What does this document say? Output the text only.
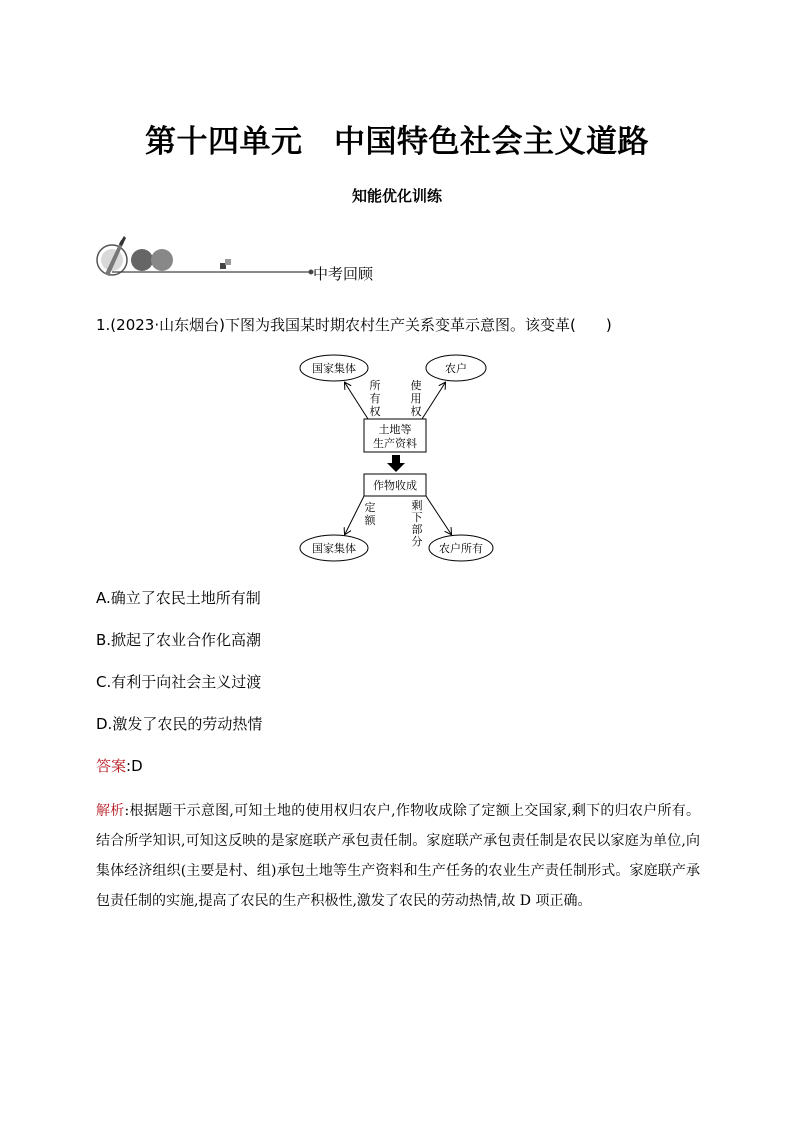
第十四单元　中国特色社会主义道路
知能优化训练
中考回顾
1.(2023·山东烟台)下图为我国某时期农村生产关系变革示意图。该变革(　　)
国家集体	农户
土地等
生产资料
所
有
权
使
用
权
作物收成
定
额
剩
下
部
分
国家集体	农户所有
A.确立了农民土地所有制
B.掀起了农业合作化高潮
C.有利于向社会主义过渡
D.激发了农民的劳动热情
答案:D
解析:根据题干示意图,可知土地的使用权归农户,作物收成除了定额上交国家,剩下的归农户所有。结合所学知识,可知这反映的是家庭联产承包责任制。家庭联产承包责任制是农民以家庭为单位,向集体经济组织(主要是村、组)承包土地等生产资料和生产任务的农业生产责任制形式。家庭联产承包责任制的实施,提高了农民的生产积极性,激发了农民的劳动热情,故 D 项正确。
